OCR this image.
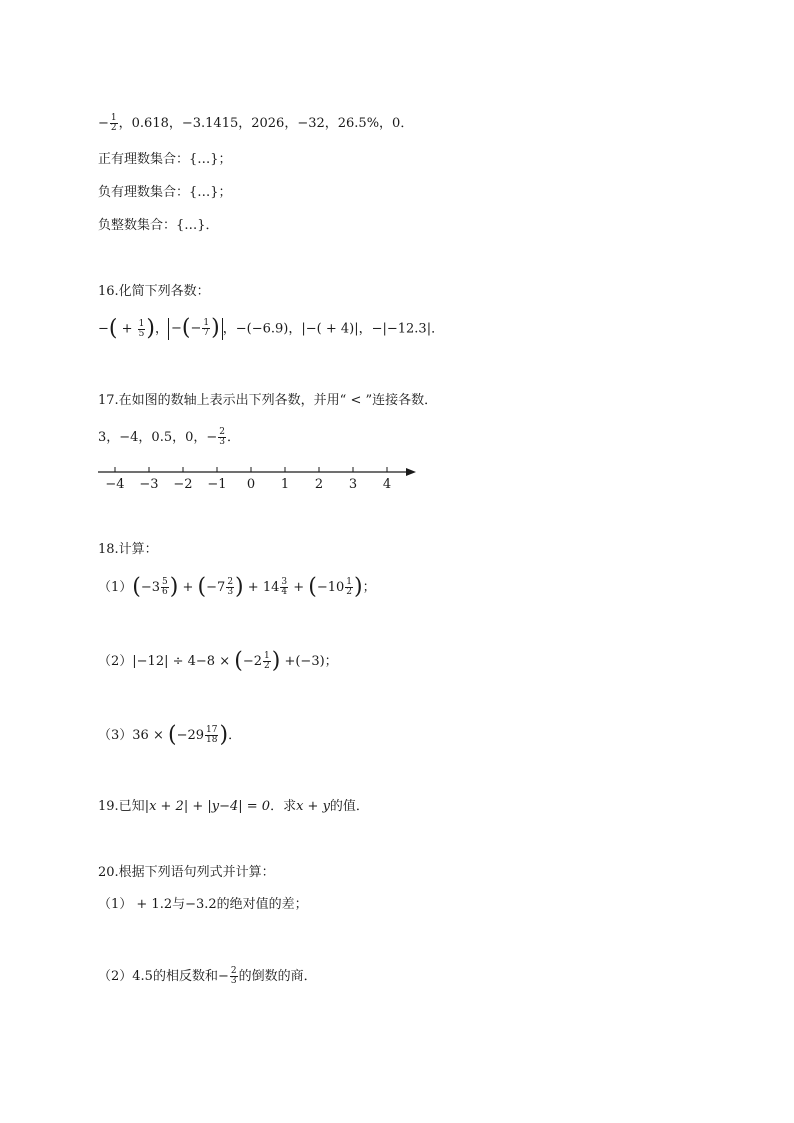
− $\frac{1}{2}$ ，0.618，−3.1415，2026，−32，26.5%，0．
正有理数集合：{…}；
负有理数集合：{…}；
负整数集合：{…}．
16.化简下列各数：
−( + $\frac{1}{5}$ )， −(− $\frac{1}{7}$ ) ，−(−6.9)，|−( + 4)|，−|−12.3|．
17.在如图的数轴上表示出下列各数，并用“ < ”连接各数．
3，−4，0.5，0，− $\frac{2}{3}$ ．
−4 −3 −2 −1 0 1 2 3 4
18.计算：
$(1)(-3 \frac{5}{6}$ ) + ($-7 \frac{2}{3}$ ) + $14 \frac{3}{4} + (-10 \frac{1}{2}$ )；
$(2)|-12| \div 4-8 \times (-2 \frac{1}{2}$ ) +(−3)；
$(3)36 \times (-29 \frac{17}{18}$ )．
19.已知|x + 2| + |y−4| = 0．求x + y的值．
20.根据下列语句列式并计算：
（1） + 1.2与−3.2的绝对值的差；
（2）4.5的相反数和− $\frac{2}{3}$ 的倒数的商．
